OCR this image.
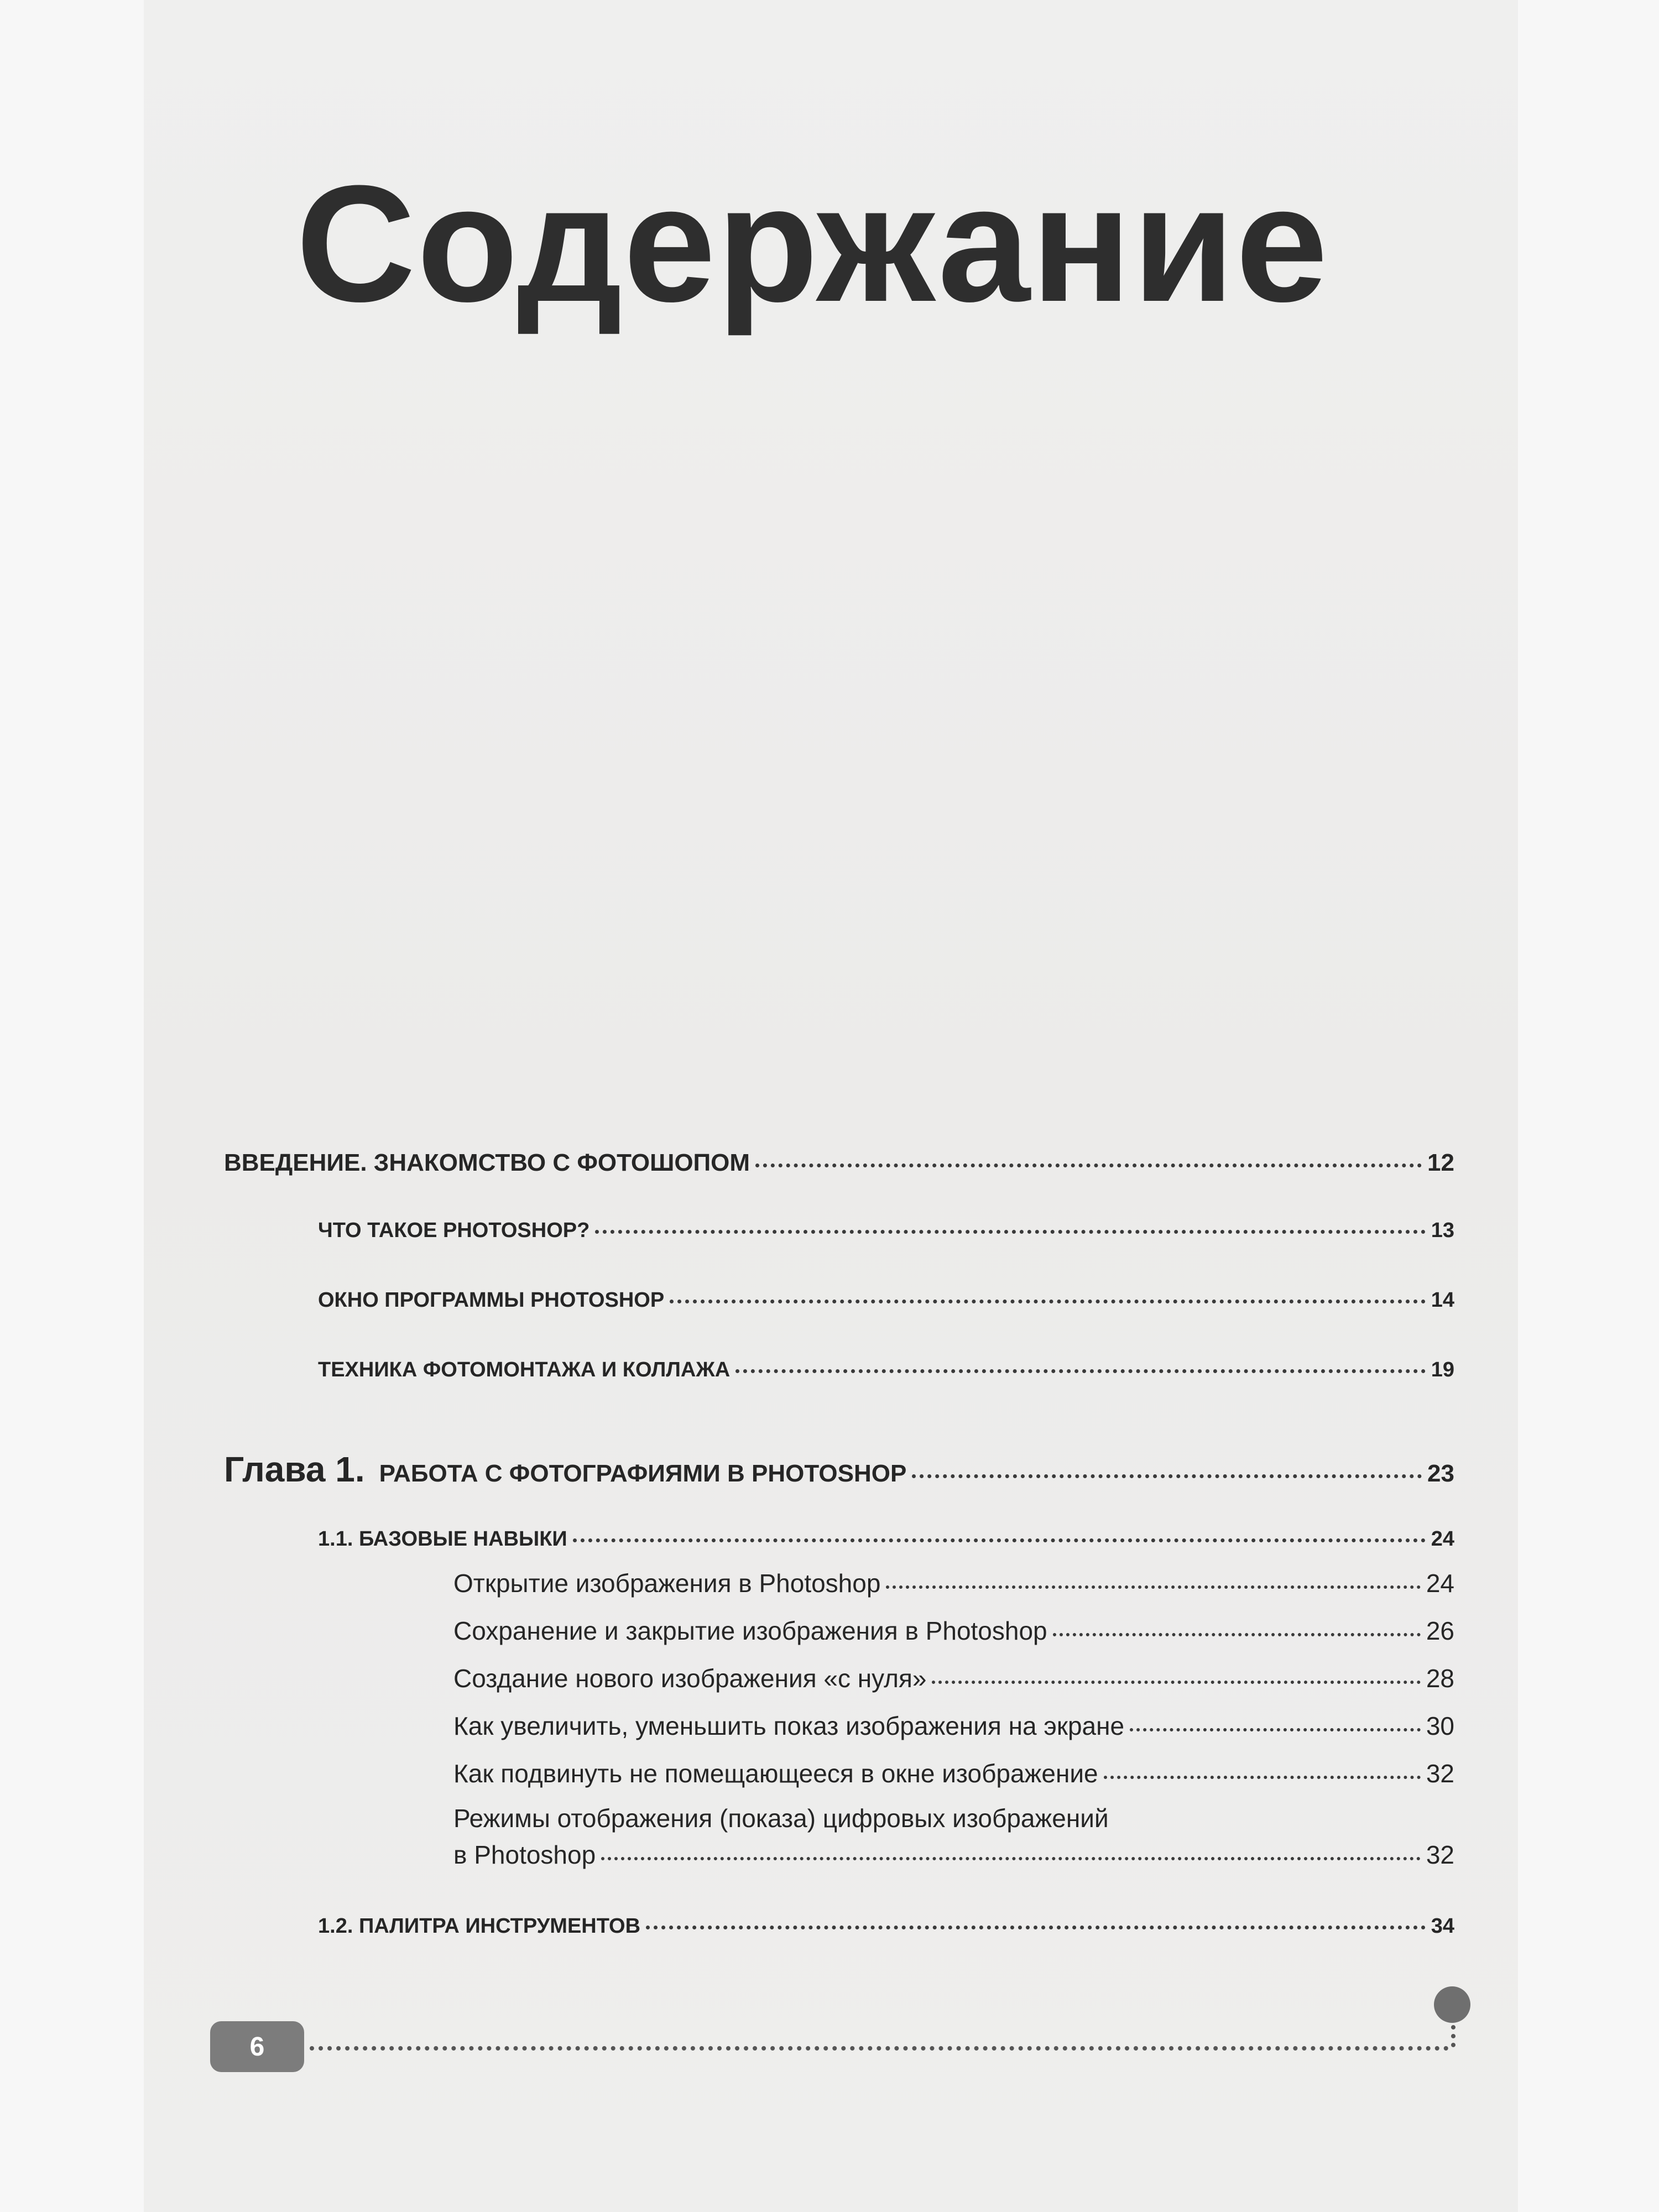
Содержание
ВВЕДЕНИЕ. ЗНАКОМСТВО С ФОТОШОПОМ	12
ЧТО ТАКОЕ PHOTOSHOP?	13
ОКНО ПРОГРАММЫ PHOTOSHOP	14
ТЕХНИКА ФОТОМОНТАЖА И КОЛЛАЖА	19
Глава 1. РАБОТА С ФОТОГРАФИЯМИ В PHOTOSHOP	23
1.1. БАЗОВЫЕ НАВЫКИ	24
Открытие изображения в Photoshop	24
Сохранение и закрытие изображения в Photoshop	26
Создание нового изображения «с нуля»	28
Как увеличить, уменьшить показ изображения на экране	30
Как подвинуть не помещающееся в окне изображение	32
Режимы отображения (показа) цифровых изображений
в Photoshop	32
1.2. ПАЛИТРА ИНСТРУМЕНТОВ	34
6
